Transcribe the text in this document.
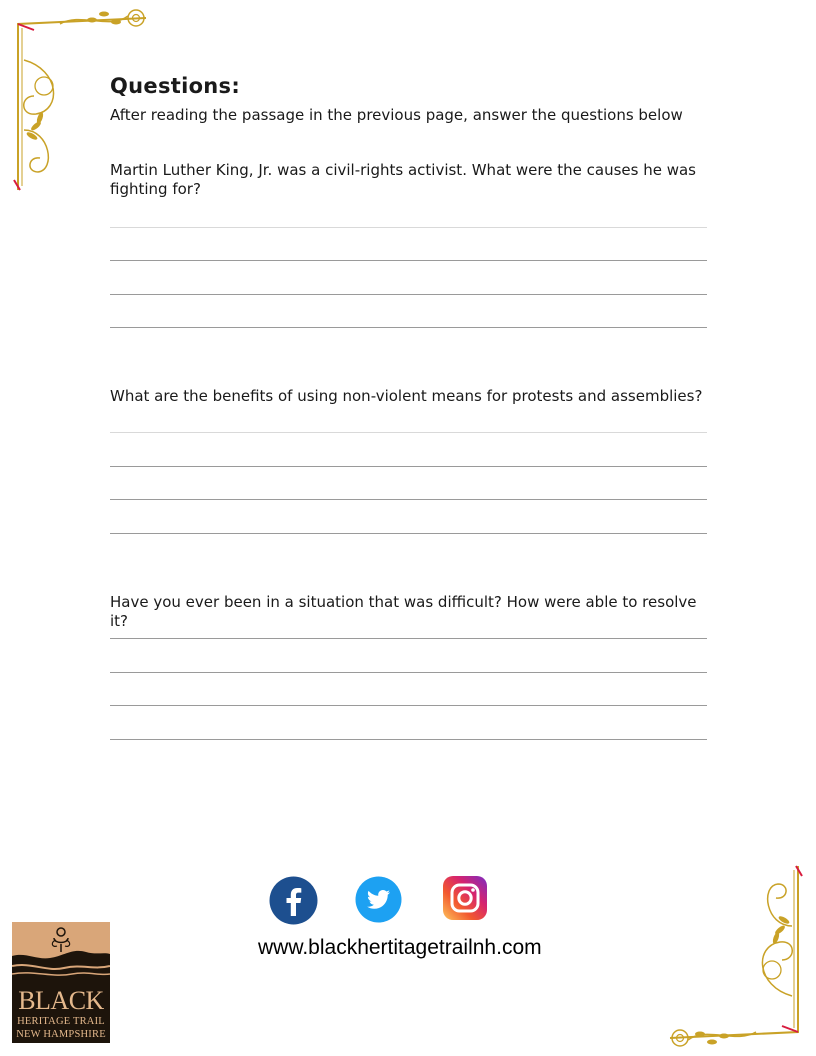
Questions:
After reading the passage in the previous page, answer the questions below
Martin Luther King, Jr. was a civil-rights activist. What were the causes he was fighting for?
What are the benefits of using non-violent means for protests and assemblies?
Have you ever been in a situation that was difficult? How were able to resolve it?
www.blackhertitagetrailnh.com
BLACK
HERITAGE TRAIL
NEW HAMPSHIRE
